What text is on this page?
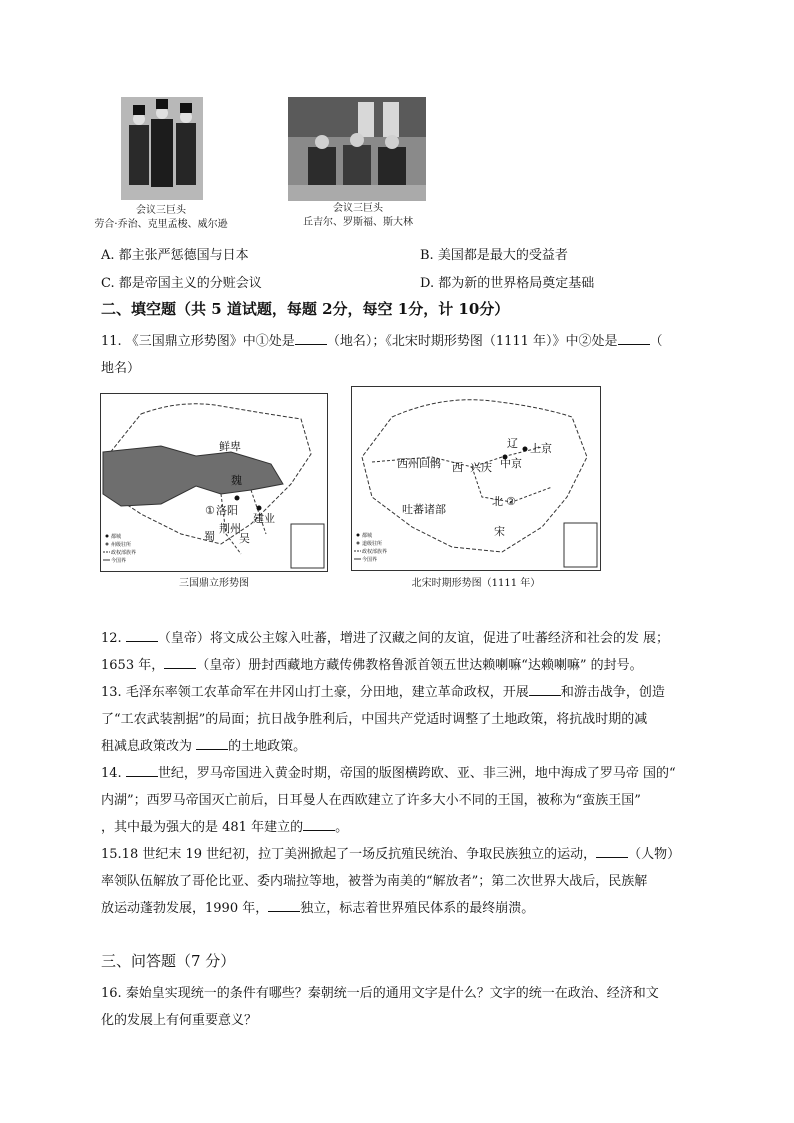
会议三巨头
劳合·乔治、克里孟梭、威尔逊
会议三巨头
丘吉尔、罗斯福、斯大林
A. 都主张严惩德国与日本	B. 美国都是最大的受益者
C. 都是帝国主义的分赃会议	D. 都为新的世界格局奠定基础
二、填空题（共 5 道试题，每题 2分，每空 1分，计 10分）
11. 《三国鼎立形势图》中①处是 （地名）；《北宋时期形势图（1111 年）》中②处是 （
地名）
鲜卑
魏
洛阳
①
建业
荆州
蜀 吴
都城
州级驻所
政权部族界
今国界
三国鼎立形势图
辽 上京
中京
西州回鹘 西 兴庆
吐蕃诸部
北 ②
宋
都城
道级驻所
政权部族界
今国界
北宋时期形势图（1111 年）
12. （皇帝）将文成公主嫁入吐蕃，增进了汉藏之间的友谊，促进了吐蕃经济和社会的发 展；
1653 年， （皇帝）册封西藏地方藏传佛教格鲁派首领五世达赖喇嘛“达赖喇嘛” 的封号。
13. 毛泽东率领工农革命军在井冈山打土豪，分田地，建立革命政权，开展 和游击战争，创造
了“工农武装割据”的局面；抗日战争胜利后，中国共产党适时调整了土地政策，将抗战时期的减
租减息政策改为 的土地政策。
14. 世纪，罗马帝国进入黄金时期，帝国的版图横跨欧、亚、非三洲，地中海成了罗马帝 国的“
内湖”；西罗马帝国灭亡前后，日耳曼人在西欧建立了许多大小不同的王国，被称为“蛮族王国”
，其中最为强大的是 481 年建立的 。
15.18 世纪末 19 世纪初，拉丁美洲掀起了一场反抗殖民统治、争取民族独立的运动， （人物）
率领队伍解放了哥伦比亚、委内瑞拉等地，被誉为南美的“解放者”；第二次世界大战后，民族解
放运动蓬勃发展，1990 年， 独立，标志着世界殖民体系的最终崩溃。
三、问答题（7 分）
16. 秦始皇实现统一的条件有哪些？秦朝统一后的通用文字是什么？文字的统一在政治、经济和文
化的发展上有何重要意义？
